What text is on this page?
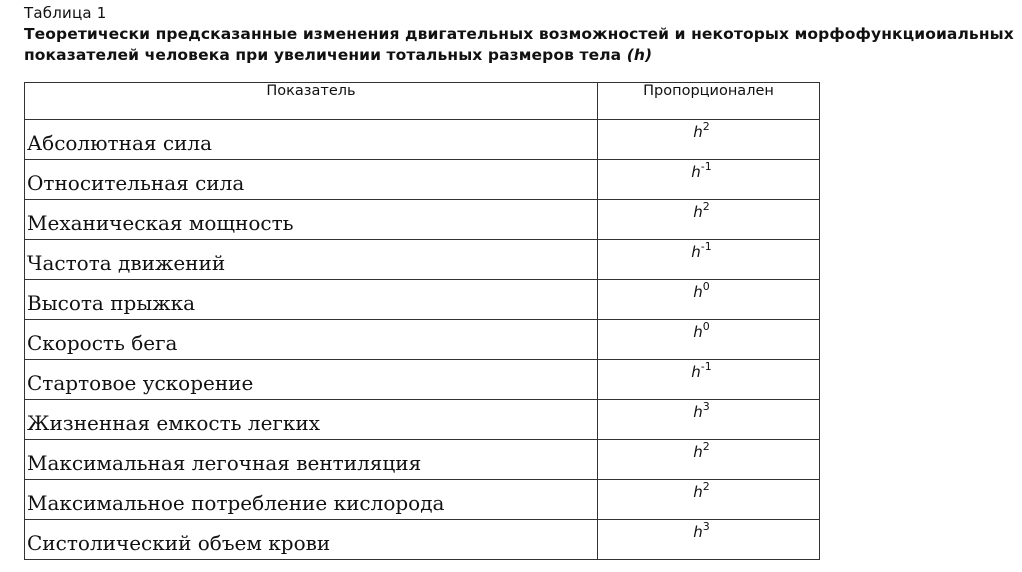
Таблица 1
Теоретически предсказанные изменения двигательных возможностей и некоторых морфофункциоиальных показателей человека при увеличении тотальных размеров тела (h)
Показатель	Пропорционален
Абсолютная сила	$h^2$
Относительная сила	$h^{-1}$
Механическая мощность	$h^2$
Частота движений	$h^{-1}$
Высота прыжка	$h^0$
Скорость бега	$h^0$
Стартовое ускорение	$h^{-1}$
Жизненная емкость легких	$h^3$
Максимальная легочная вентиляция	$h^2$
Максимальное потребление кислорода	$h^2$
Систолический объем крови	$h^3$
